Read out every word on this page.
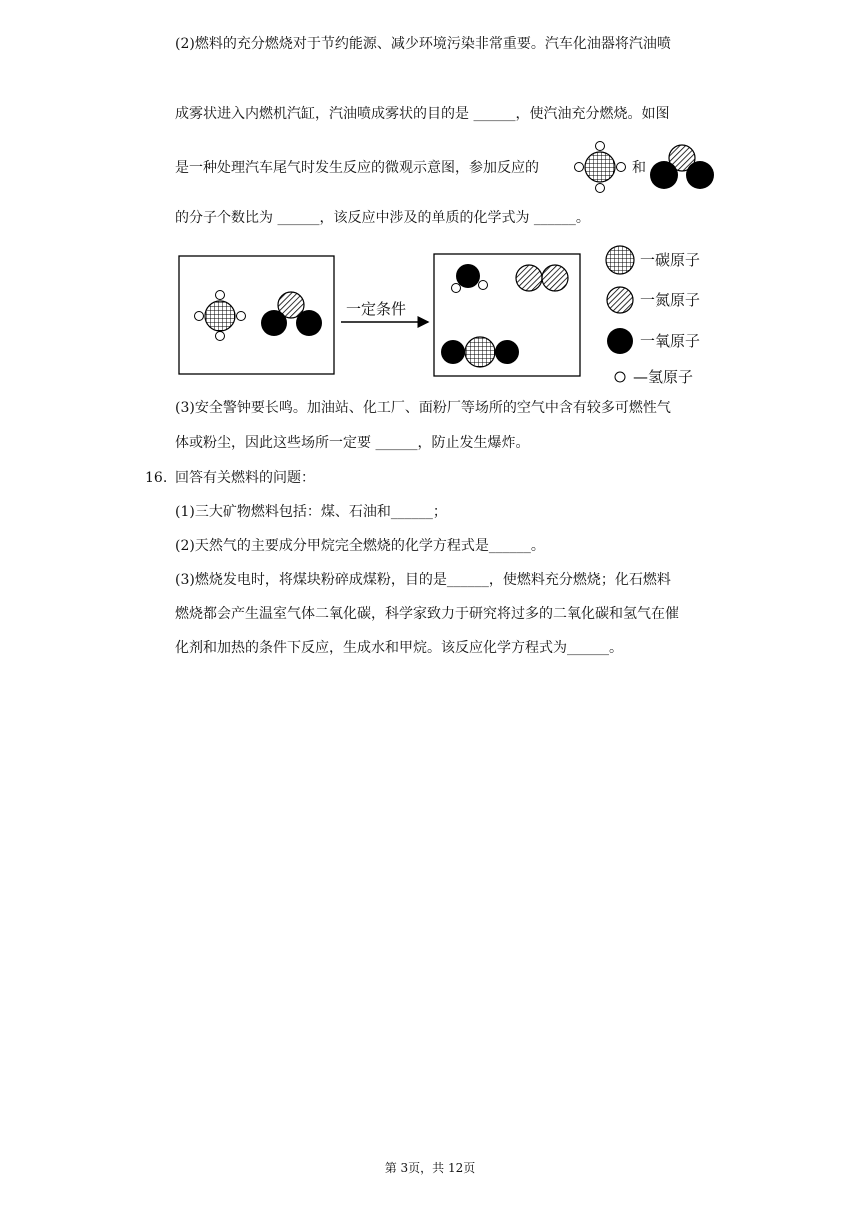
(2)燃料的充分燃烧对于节约能源、减少环境污染非常重要。汽车化油器将汽油喷
成雾状进入内燃机汽缸，汽油喷成雾状的目的是 ______，使汽油充分燃烧。如图
是一种处理汽车尾气时发生反应的微观示意图，参加反应的	和
的分子个数比为 ______，该反应中涉及的单质的化学式为 ______。
一定条件
一碳原子
一氮原子
一氧原子
—氢原子
(3)安全警钟要长鸣。加油站、化工厂、面粉厂等场所的空气中含有较多可燃性气
体或粉尘，因此这些场所一定要 ______，防止发生爆炸。
16. 回答有关燃料的问题：
(1)三大矿物燃料包括：煤、石油和______；
(2)天然气的主要成分甲烷完全燃烧的化学方程式是______。
(3)燃烧发电时，将煤块粉碎成煤粉，目的是______，使燃料充分燃烧；化石燃料
燃烧都会产生温室气体二氧化碳，科学家致力于研究将过多的二氧化碳和氢气在催
化剂和加热的条件下反应，生成水和甲烷。该反应化学方程式为______。
第 3页，共 12页
